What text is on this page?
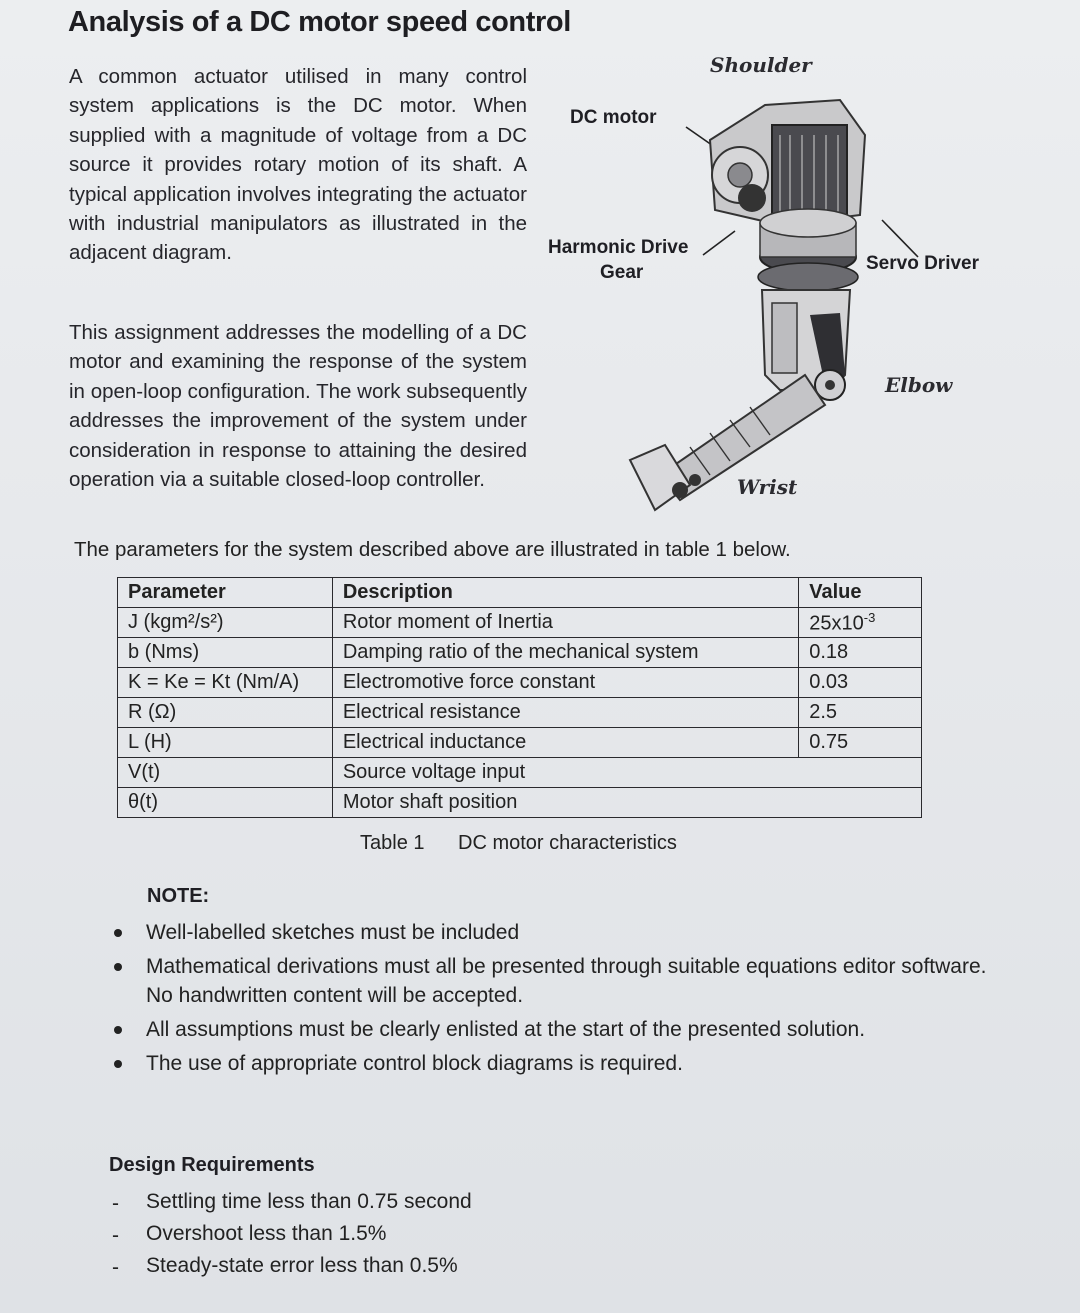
Analysis of a DC motor speed control

A common actuator utilised in many control system applications is the DC motor. When supplied with a magnitude of voltage from a DC source it provides rotary motion of its shaft. A typical application involves integrating the actuator with industrial manipulators as illustrated in the adjacent diagram.

This assignment addresses the modelling of a DC motor and examining the response of the system in open-loop configuration. The work subsequently addresses the improvement of the system under consideration in response to attaining the desired operation via a suitable closed-loop controller.

Shoulder
DC motor
Harmonic Drive
Gear	Servo Driver
Elbow
Wrist
The parameters for the system described above are illustrated in table 1 below.
Parameter	Description	Value
J (kgm²/s²)	Rotor moment of Inertia	$25x10^{-3}$
b (Nms)	Damping ratio of the mechanical system	0.18
K = Ke = Kt (Nm/A)	Electromotive force constant	0.03
R (Ω)	Electrical resistance	2.5
L (H)	Electrical inductance	0.75
V(t)	Source voltage input	
θ(t)	Motor shaft position	
Table 1 DC motor characteristics
NOTE:
Well-labelled sketches must be included
Mathematical derivations must all be presented through suitable equations editor software. No handwritten content will be accepted.
All assumptions must be clearly enlisted at the start of the presented solution.
The use of appropriate control block diagrams is required.
Design Requirements
- Settling time less than 0.75 second
- Overshoot less than 1.5%
- Steady-state error less than 0.5%
